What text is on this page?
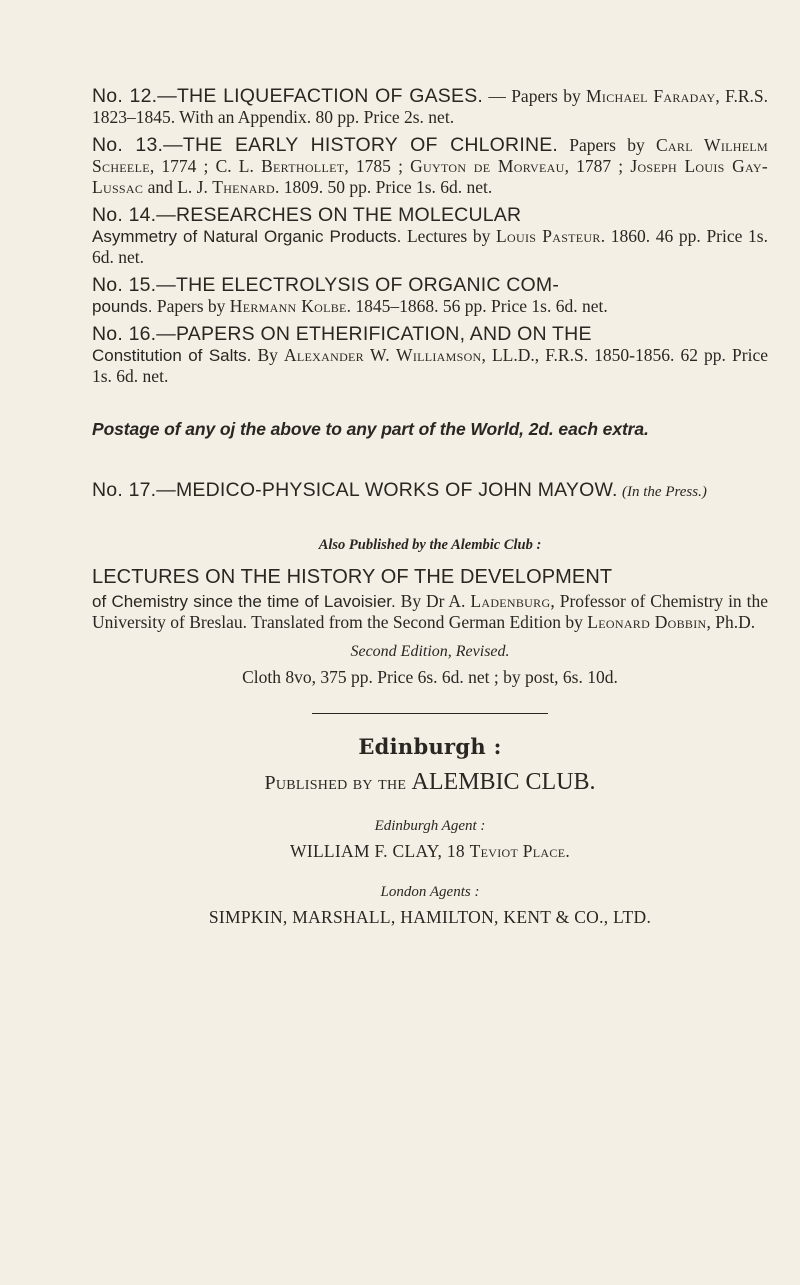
No. 12.—THE LIQUEFACTION OF GASES. — Papers by Michael Faraday, F.R.S. 1823–1845. With an Appendix. 80 pp. Price 2s. net.

No. 13.—THE EARLY HISTORY OF CHLORINE. Papers by Carl Wilhelm Scheele, 1774 ; C. L. Berthollet, 1785 ; Guyton de Morveau, 1787 ; Joseph Louis Gay-Lussac and L. J. Thenard. 1809. 50 pp. Price 1s. 6d. net.

No. 14.—RESEARCHES ON THE MOLECULAR
Asymmetry of Natural Organic Products. Lectures by Louis Pasteur. 1860. 46 pp. Price 1s. 6d. net.

No. 15.—THE ELECTROLYSIS OF ORGANIC COM-
pounds. Papers by Hermann Kolbe. 1845–1868. 56 pp. Price 1s. 6d. net.

No. 16.—PAPERS ON ETHERIFICATION, AND ON THE
Constitution of Salts. By Alexander W. Williamson, LL.D., F.R.S. 1850-1856. 62 pp. Price 1s. 6d. net.

Postage of any oj the above to any part of the World, 2d. each extra.

No. 17.—MEDICO-PHYSICAL WORKS OF JOHN MAYOW. (In the Press.)

Also Published by the Alembic Club :

LECTURES ON THE HISTORY OF THE DEVELOPMENT

of Chemistry since the time of Lavoisier. By Dr A. Ladenburg, Professor of Chemistry in the University of Breslau. Translated from the Second German Edition by Leonard Dobbin, Ph.D.

Second Edition, Revised.
Cloth 8vo, 375 pp. Price 6s. 6d. net ; by post, 6s. 10d.
Edinburgh :
Published by the ALEMBIC CLUB.
Edinburgh Agent :
WILLIAM F. CLAY, 18 Teviot Place.
London Agents :
SIMPKIN, MARSHALL, HAMILTON, KENT & CO., LTD.
